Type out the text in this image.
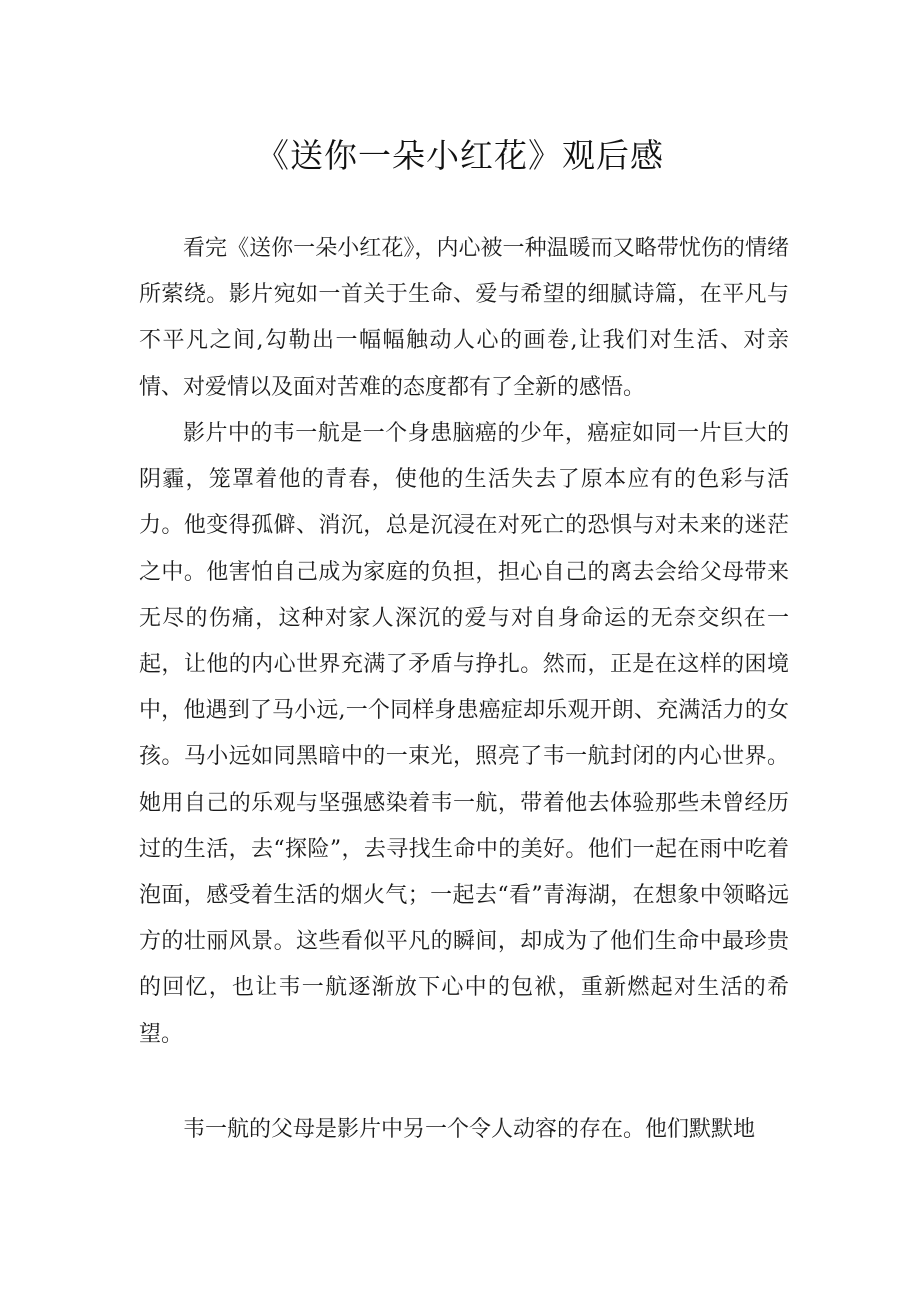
《送你一朵小红花》观后感

看完《送你一朵小红花》，内心被一种温暖而又略带忧伤的情绪所萦绕。影片宛如一首关于生命、爱与希望的细腻诗篇，在平凡与不平凡之间,勾勒出一幅幅触动人心的画卷,让我们对生活、对亲情、对爱情以及面对苦难的态度都有了全新的感悟。

影片中的韦一航是一个身患脑癌的少年，癌症如同一片巨大的阴霾，笼罩着他的青春，使他的生活失去了原本应有的色彩与活力。他变得孤僻、消沉，总是沉浸在对死亡的恐惧与对未来的迷茫之中。他害怕自己成为家庭的负担，担心自己的离去会给父母带来无尽的伤痛，这种对家人深沉的爱与对自身命运的无奈交织在一起，让他的内心世界充满了矛盾与挣扎。然而，正是在这样的困境中，他遇到了马小远,一个同样身患癌症却乐观开朗、充满活力的女孩。马小远如同黑暗中的一束光，照亮了韦一航封闭的内心世界。她用自己的乐观与坚强感染着韦一航，带着他去体验那些未曾经历过的生活，去“探险”，去寻找生命中的美好。他们一起在雨中吃着泡面，感受着生活的烟火气；一起去“看”青海湖，在想象中领略远方的壮丽风景。这些看似平凡的瞬间，却成为了他们生命中最珍贵的回忆，也让韦一航逐渐放下心中的包袱，重新燃起对生活的希望。

韦一航的父母是影片中另一个令人动容的存在。他们默默地
